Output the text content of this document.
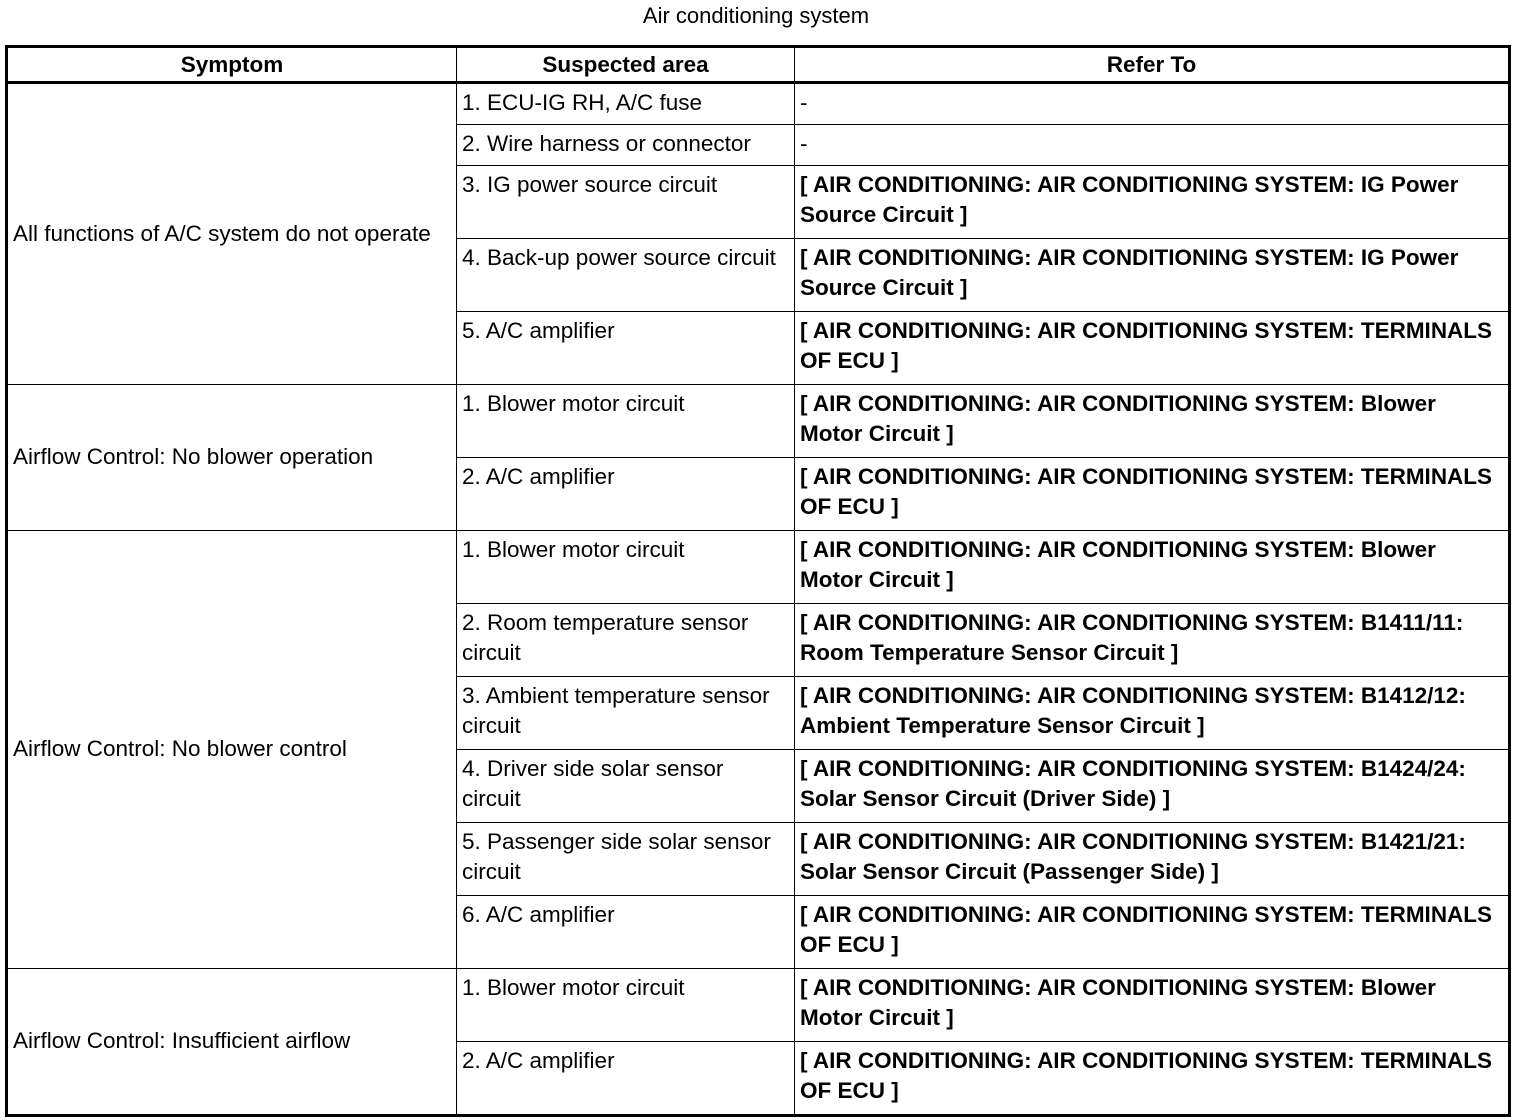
Air conditioning system
Symptom	Suspected area	Refer To
All functions of A/C system do not operate	1. ECU-IG RH, A/C fuse	-
	2. Wire harness or connector	-
	3. IG power source circuit	[ AIR CONDITIONING: AIR CONDITIONING SYSTEM: IG Power Source Circuit ]
	4. Back-up power source circuit	[ AIR CONDITIONING: AIR CONDITIONING SYSTEM: IG Power Source Circuit ]
	5. A/C amplifier	[ AIR CONDITIONING: AIR CONDITIONING SYSTEM: TERMINALS OF ECU ]
Airflow Control: No blower operation	1. Blower motor circuit	[ AIR CONDITIONING: AIR CONDITIONING SYSTEM: Blower Motor Circuit ]
	2. A/C amplifier	[ AIR CONDITIONING: AIR CONDITIONING SYSTEM: TERMINALS OF ECU ]
Airflow Control: No blower control	1. Blower motor circuit	[ AIR CONDITIONING: AIR CONDITIONING SYSTEM: Blower Motor Circuit ]
	2. Room temperature sensor circuit	[ AIR CONDITIONING: AIR CONDITIONING SYSTEM: B1411/11: Room Temperature Sensor Circuit ]
	3. Ambient temperature sensor circuit	[ AIR CONDITIONING: AIR CONDITIONING SYSTEM: B1412/12: Ambient Temperature Sensor Circuit ]
	4. Driver side solar sensor circuit	[ AIR CONDITIONING: AIR CONDITIONING SYSTEM: B1424/24: Solar Sensor Circuit (Driver Side) ]
	5. Passenger side solar sensor circuit	[ AIR CONDITIONING: AIR CONDITIONING SYSTEM: B1421/21: Solar Sensor Circuit (Passenger Side) ]
	6. A/C amplifier	[ AIR CONDITIONING: AIR CONDITIONING SYSTEM: TERMINALS OF ECU ]
Airflow Control: Insufficient airflow	1. Blower motor circuit	[ AIR CONDITIONING: AIR CONDITIONING SYSTEM: Blower Motor Circuit ]
	2. A/C amplifier	[ AIR CONDITIONING: AIR CONDITIONING SYSTEM: TERMINALS OF ECU ]
